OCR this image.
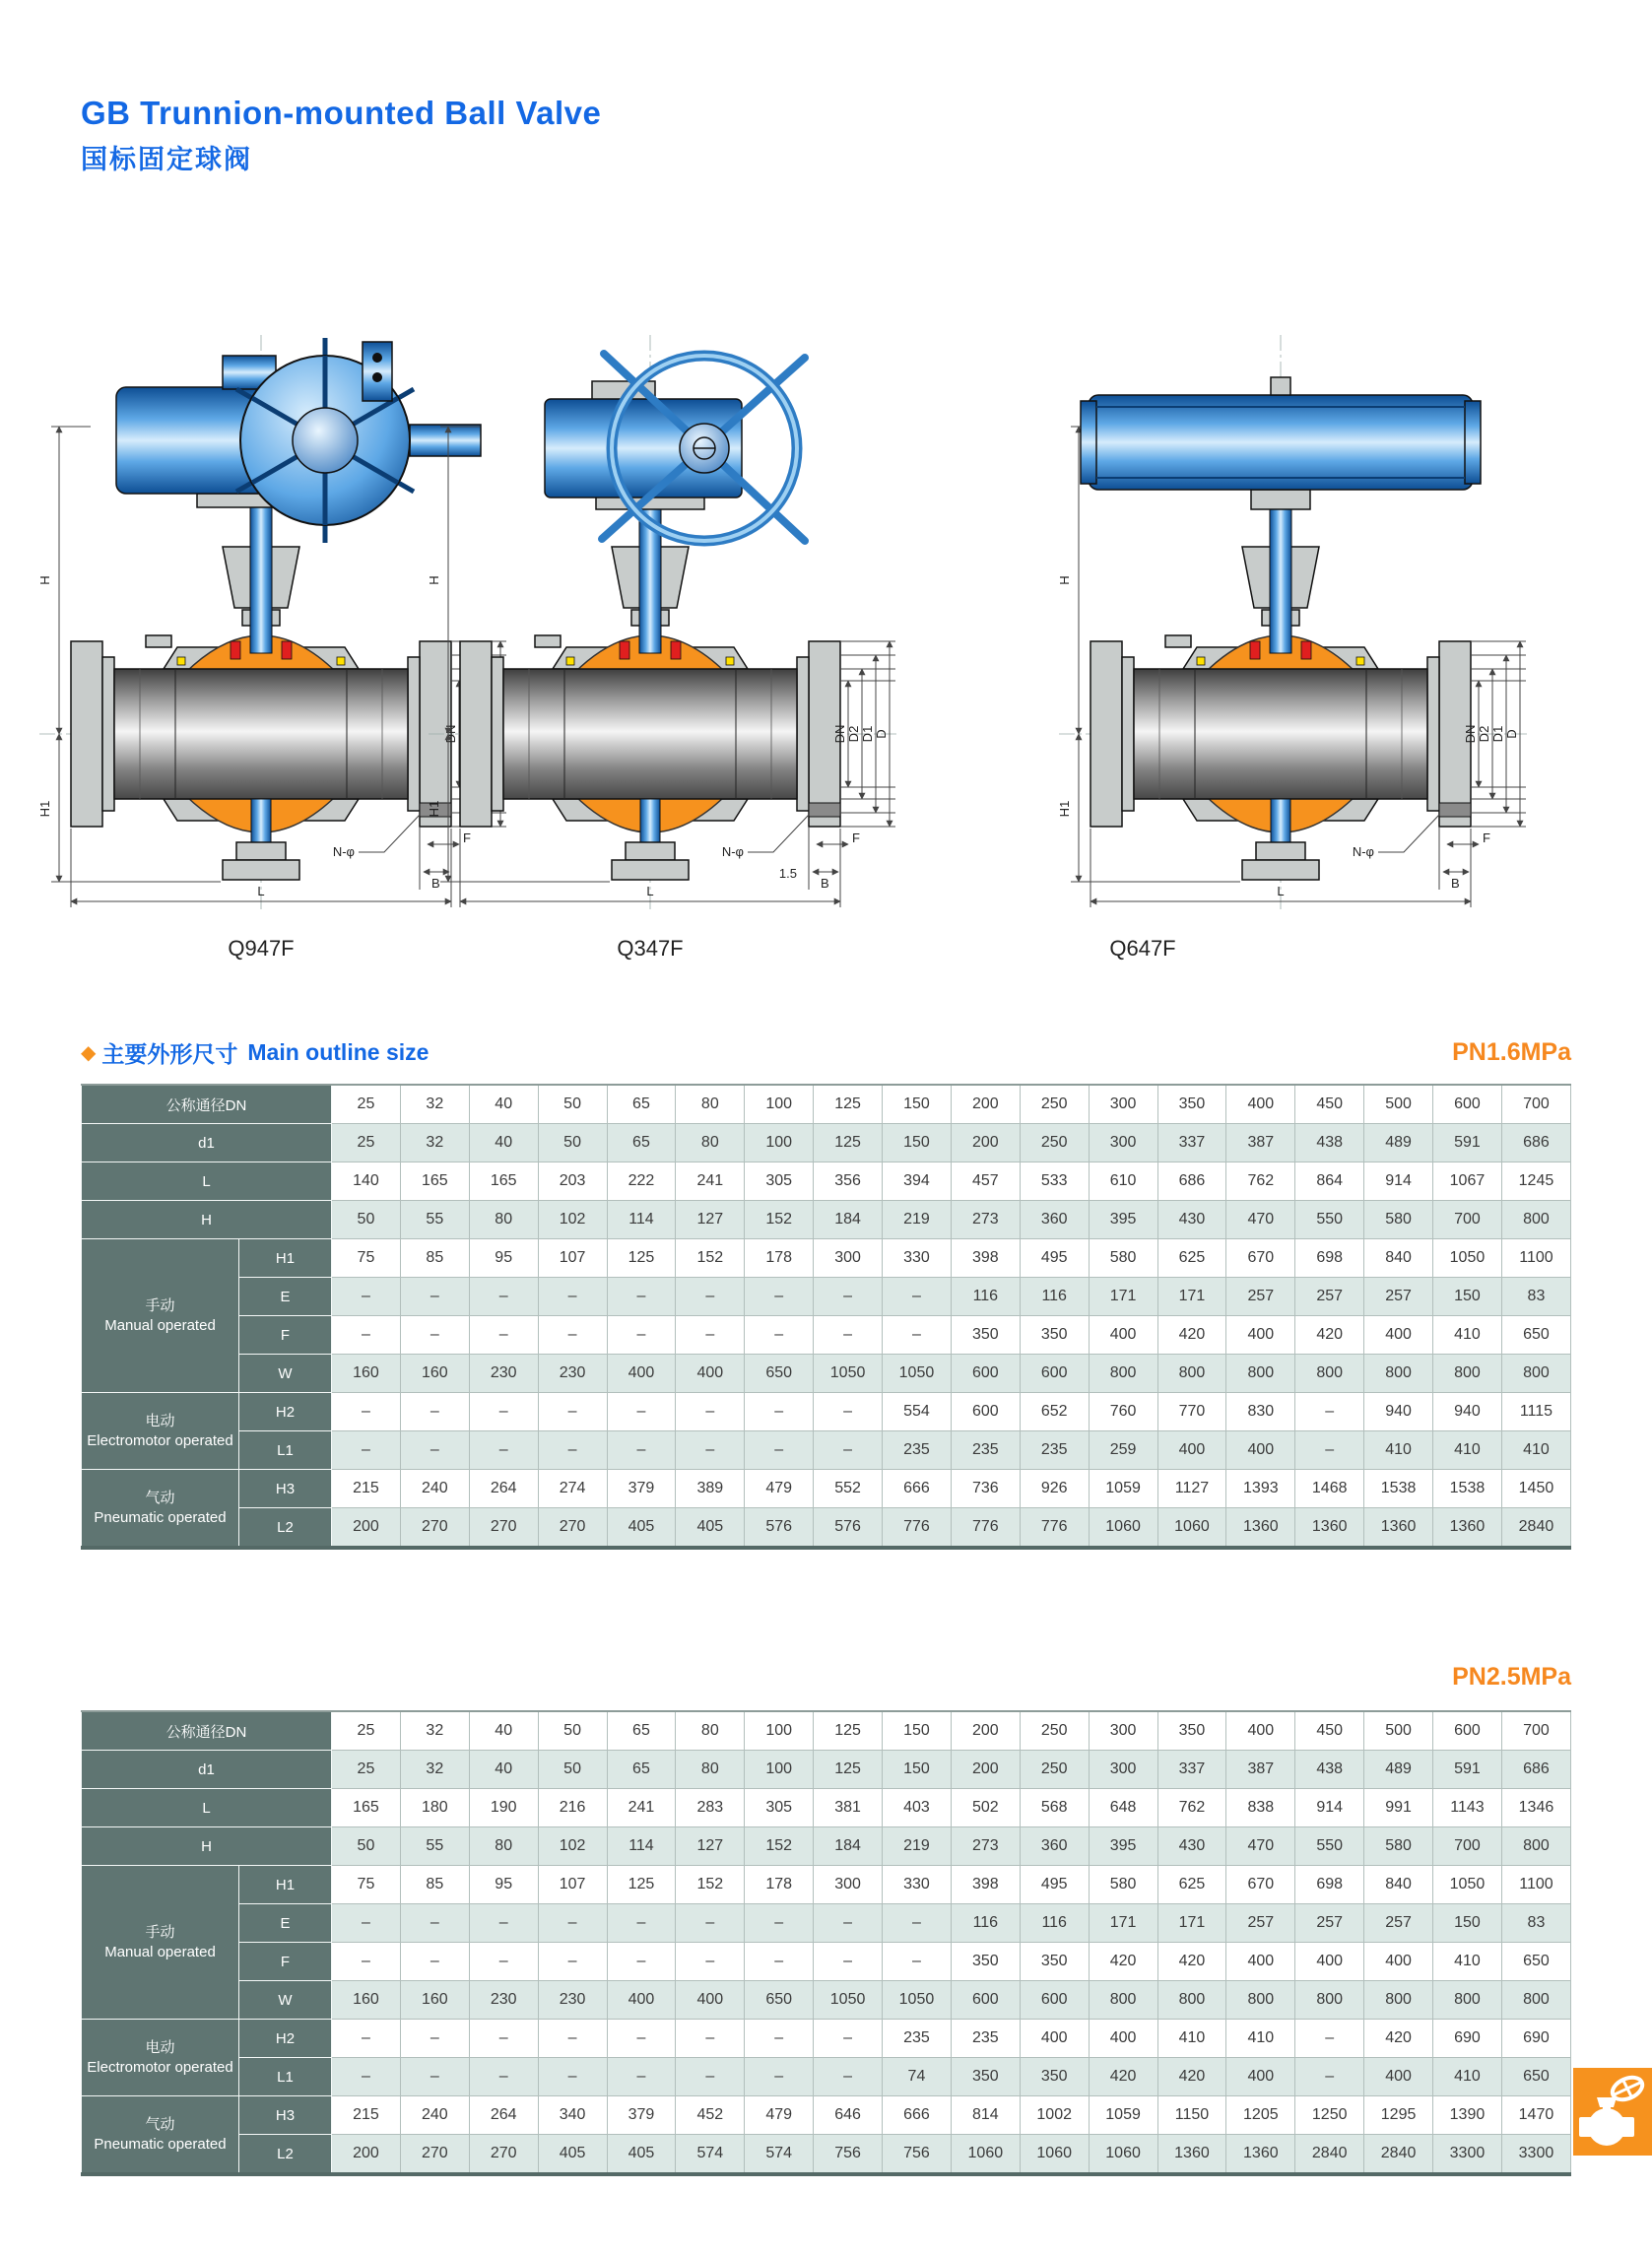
GB Trunnion-mounted Ball Valve
国标固定球阀
H
H1
N-φ
F
B
L
H
H1
DN D2 D1 D
N-φ
F
B
1.5
L
H
H1
DN D2 D1 D
N-φ
F
B
L
Q947F	Q347F	Q647F
◆ 主要外形尺寸 Main outline size	PN1.6MPa
公称通径DN		25	32	40	50	65	80	100	125	150	200	250	300	350	400	450	500	600	700
d1		25	32	40	50	65	80	100	125	150	200	250	300	337	387	438	489	591	686
L		140	165	165	203	222	241	305	356	394	457	533	610	686	762	864	914	1067	1245
H		50	55	80	102	114	127	152	184	219	273	360	395	430	470	550	580	700	800

手动
Manual operated	H1	75	85	95	107	125	152	178	300	330	398	495	580	625	670	698	840	1050	1100
	E	–	–	–	–	–	–	–	–	–	116	116	171	171	257	257	257	150	83
	F	–	–	–	–	–	–	–	–	–	350	350	400	420	400	420	400	410	650
	W	160	160	230	230	400	400	650	1050	1050	600	600	800	800	800	800	800	800	800

电动
Electromotor operated	H2	–	–	–	–	–	–	–	–	554	600	652	760	770	830	–	940	940	1115
	L1	–	–	–	–	–	–	–	–	235	235	235	259	400	400	–	410	410	410

气动
Pneumatic operated	H3	215	240	264	274	379	389	479	552	666	736	926	1059	1127	1393	1468	1538	1538	1450
	L2	200	270	270	270	405	405	576	576	776	776	776	1060	1060	1360	1360	1360	1360	2840
PN2.5MPa
公称通径DN		25	32	40	50	65	80	100	125	150	200	250	300	350	400	450	500	600	700
d1		25	32	40	50	65	80	100	125	150	200	250	300	337	387	438	489	591	686
L		165	180	190	216	241	283	305	381	403	502	568	648	762	838	914	991	1143	1346
H		50	55	80	102	114	127	152	184	219	273	360	395	430	470	550	580	700	800

手动
Manual operated	H1	75	85	95	107	125	152	178	300	330	398	495	580	625	670	698	840	1050	1100
	E	–	–	–	–	–	–	–	–	–	116	116	171	171	257	257	257	150	83
	F	–	–	–	–	–	–	–	–	–	350	350	420	420	400	400	400	410	650
	W	160	160	230	230	400	400	650	1050	1050	600	600	800	800	800	800	800	800	800

电动
Electromotor operated	H2	–	–	–	–	–	–	–	–	235	235	400	400	410	410	–	420	690	690
	L1	–	–	–	–	–	–	–	–	74	350	350	420	420	400	–	400	410	650

气动
Pneumatic operated	H3	215	240	264	340	379	452	479	646	666	814	1002	1059	1150	1205	1250	1295	1390	1470
	L2	200	270	270	405	405	574	574	756	756	1060	1060	1060	1360	1360	2840	2840	3300	3300
